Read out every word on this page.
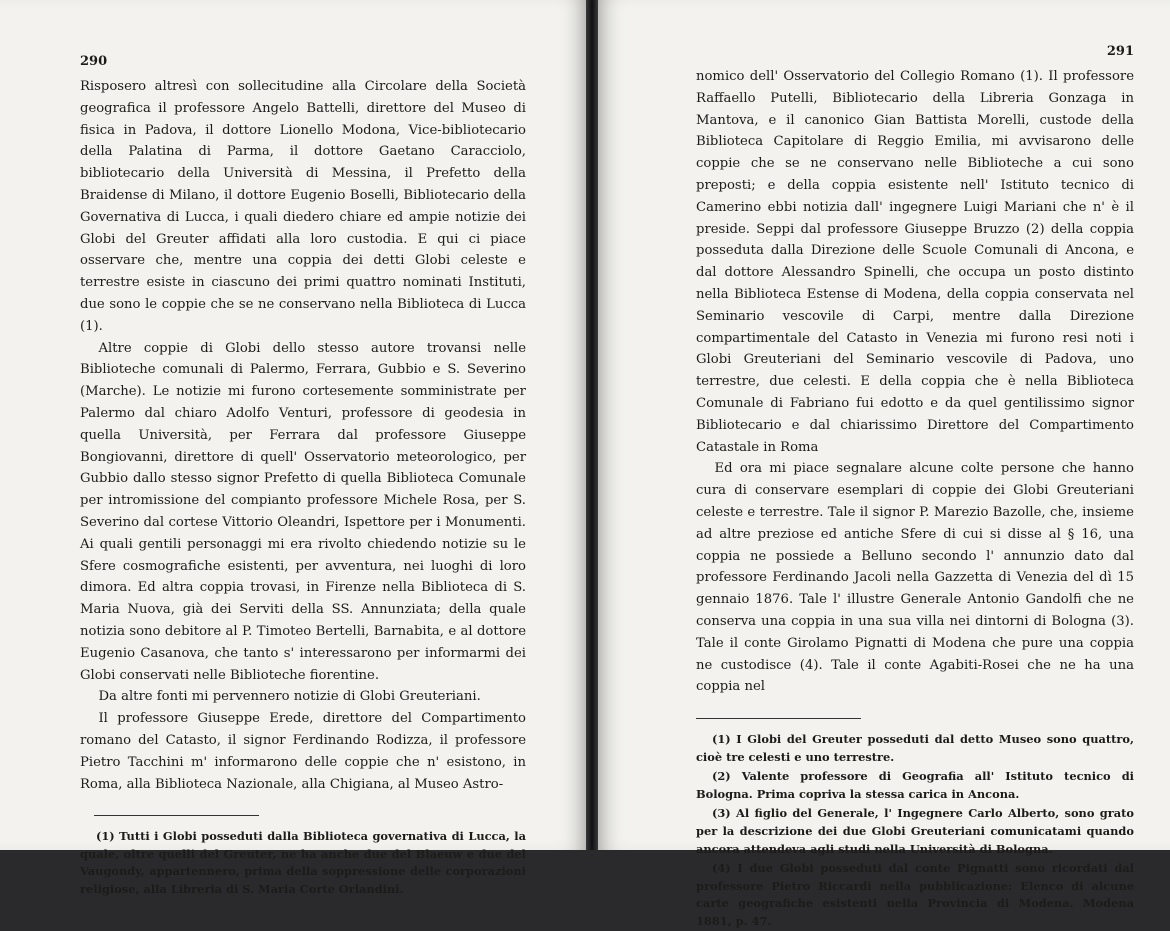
290

Risposero altresì con sollecitudine alla Circolare della Società geografica il professore Angelo Battelli, direttore del Museo di fisica in Padova, il dottore Lionello Modona, Vice-bibliotecario della Palatina di Parma, il dottore Gaetano Caracciolo, bibliotecario della Università di Messina, il Prefetto della Braidense di Milano, il dottore Eugenio Boselli, Bibliotecario della Governativa di Lucca, i quali diedero chiare ed ampie notizie dei Globi del Greuter affidati alla loro custodia. E qui ci piace osservare che, mentre una coppia dei detti Globi celeste e terrestre esiste in ciascuno dei primi quattro nominati Instituti, due sono le coppie che se ne conservano nella Biblioteca di Lucca (1).

Altre coppie di Globi dello stesso autore trovansi nelle Biblioteche comunali di Palermo, Ferrara, Gubbio e S. Severino (Marche). Le notizie mi furono cortesemente somministrate per Palermo dal chiaro Adolfo Venturi, professore di geodesia in quella Università, per Ferrara dal professore Giuseppe Bongiovanni, direttore di quell' Osservatorio meteorologico, per Gubbio dallo stesso signor Prefetto di quella Biblioteca Comunale per intromissione del compianto professore Michele Rosa, per S. Severino dal cortese Vittorio Oleandri, Ispettore per i Monumenti. Ai quali gentili personaggi mi era rivolto chiedendo notizie su le Sfere cosmografiche esistenti, per avventura, nei luoghi di loro dimora. Ed altra coppia trovasi, in Firenze nella Biblioteca di S. Maria Nuova, già dei Serviti della SS. Annunziata; della quale notizia sono debitore al P. Timoteo Bertelli, Barnabita, e al dottore Eugenio Casanova, che tanto s' interessarono per informarmi dei Globi conservati nelle Biblioteche fiorentine.

Da altre fonti mi pervennero notizie di Globi Greuteriani.

Il professore Giuseppe Erede, direttore del Compartimento romano del Catasto, il signor Ferdinando Rodizza, il professore Pietro Tacchini m' informarono delle coppie che n' esistono, in Roma, alla Biblioteca Nazionale, alla Chigiana, al Museo Astro-

(1) Tutti i Globi posseduti dalla Biblioteca governativa di Lucca, la quale, oltre quelli del Greuter, ne ha anche due del Blaeuw e due del Vaugondy, appartennero, prima della soppressione delle corporazioni religiose, alla Libreria di S. Maria Corte Orlandini.

291

nomico dell' Osservatorio del Collegio Romano (1). Il professore Raffaello Putelli, Bibliotecario della Libreria Gonzaga in Mantova, e il canonico Gian Battista Morelli, custode della Biblioteca Capitolare di Reggio Emilia, mi avvisarono delle coppie che se ne conservano nelle Biblioteche a cui sono preposti; e della coppia esistente nell' Istituto tecnico di Camerino ebbi notizia dall' ingegnere Luigi Mariani che n' è il preside. Seppi dal professore Giuseppe Bruzzo (2) della coppia posseduta dalla Direzione delle Scuole Comunali di Ancona, e dal dottore Alessandro Spinelli, che occupa un posto distinto nella Biblioteca Estense di Modena, della coppia conservata nel Seminario vescovile di Carpi, mentre dalla Direzione compartimentale del Catasto in Venezia mi furono resi noti i Globi Greuteriani del Seminario vescovile di Padova, uno terrestre, due celesti. E della coppia che è nella Biblioteca Comunale di Fabriano fui edotto e da quel gentilissimo signor Bibliotecario e dal chiarissimo Direttore del Compartimento Catastale in Roma

Ed ora mi piace segnalare alcune colte persone che hanno cura di conservare esemplari di coppie dei Globi Greuteriani celeste e terrestre. Tale il signor P. Marezio Bazolle, che, insieme ad altre preziose ed antiche Sfere di cui si disse al § 16, una coppia ne possiede a Belluno secondo l' annunzio dato dal professore Ferdinando Jacoli nella Gazzetta di Venezia del dì 15 gennaio 1876. Tale l' illustre Generale Antonio Gandolfi che ne conserva una coppia in una sua villa nei dintorni di Bologna (3). Tale il conte Girolamo Pignatti di Modena che pure una coppia ne custodisce (4). Tale il conte Agabiti-Rosei che ne ha una coppia nel

(1) I Globi del Greuter posseduti dal detto Museo sono quattro, cioè tre celesti e uno terrestre.

(2) Valente professore di Geografia all' Istituto tecnico di Bologna. Prima copriva la stessa carica in Ancona.

(3) Al figlio del Generale, l' Ingegnere Carlo Alberto, sono grato per la descrizione dei due Globi Greuteriani comunicatami quando ancora attendeva agli studi nella Università di Bologna.

(4) I due Globi posseduti dal conte Pignatti sono ricordati dal professore Pietro Riccardi nella pubblicazione: Elenco di alcune carte geografiche esistenti nella Provincia di Modena. Modena 1881, p. 47.
